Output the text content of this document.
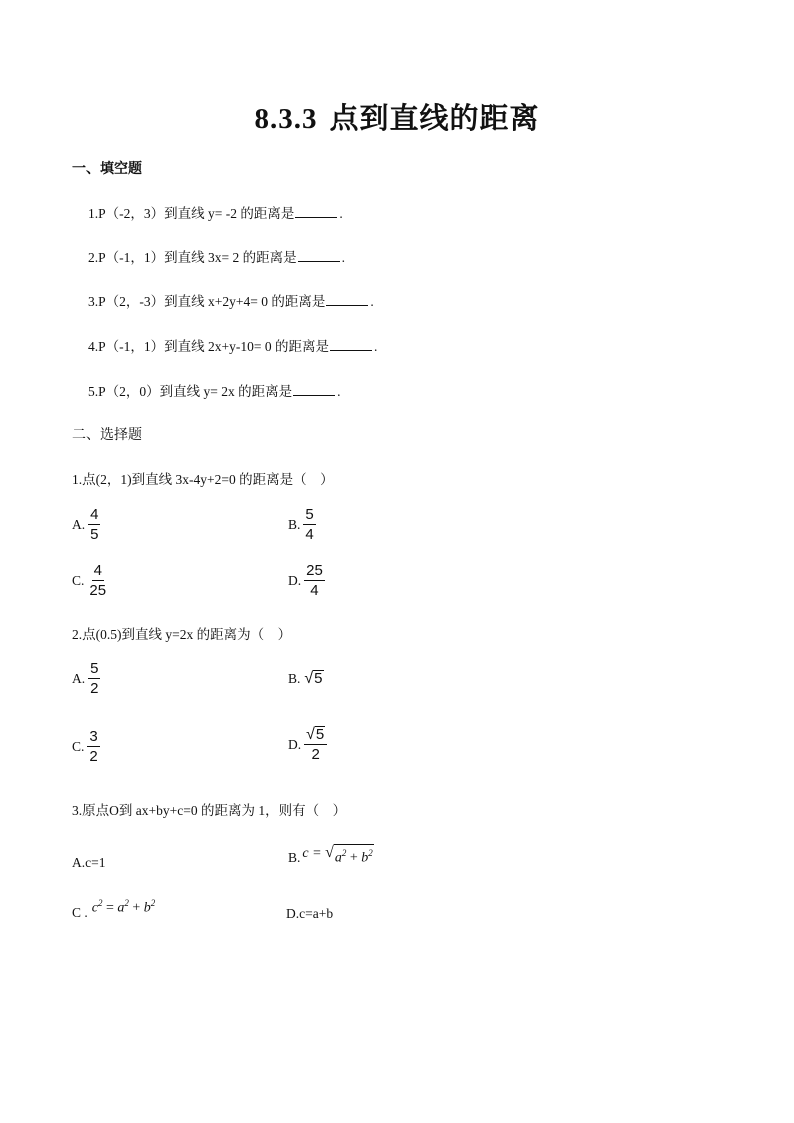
8.3.3 点到直线的距离
一、填空题
1.P（-2，3）到直线 y= -2 的距离是	.
2.P（-1，1）到直线 3x= 2 的距离是	.
3.P（2，-3）到直线 x+2y+4= 0 的距离是	.
4.P（-1，1）到直线 2x+y-10= 0 的距离是	.
5.P（2，0）到直线 y= 2x 的距离是	.
二、选择题
1.点(2，1)到直线 3x-4y+2=0 的距离是（　）
A. $\frac{4}{5}$	B. $\frac{5}{4}$
C. $\frac{4}{25}$	D. $\frac{25}{4}$
2.点(0.5)到直线 y=2x 的距离为（　）
A. $\frac{5}{2}$	B. √ 5
C. $\frac{3}{2}$	D. $\frac{√ 5}{2}$
3.原点O到 ax+by+c=0 的距离为 1，则有（　）
A.c=1	B. c = √ $a^2 + b^2$
C . $c^2 = a^2 + b^2$
D.c=a+b
